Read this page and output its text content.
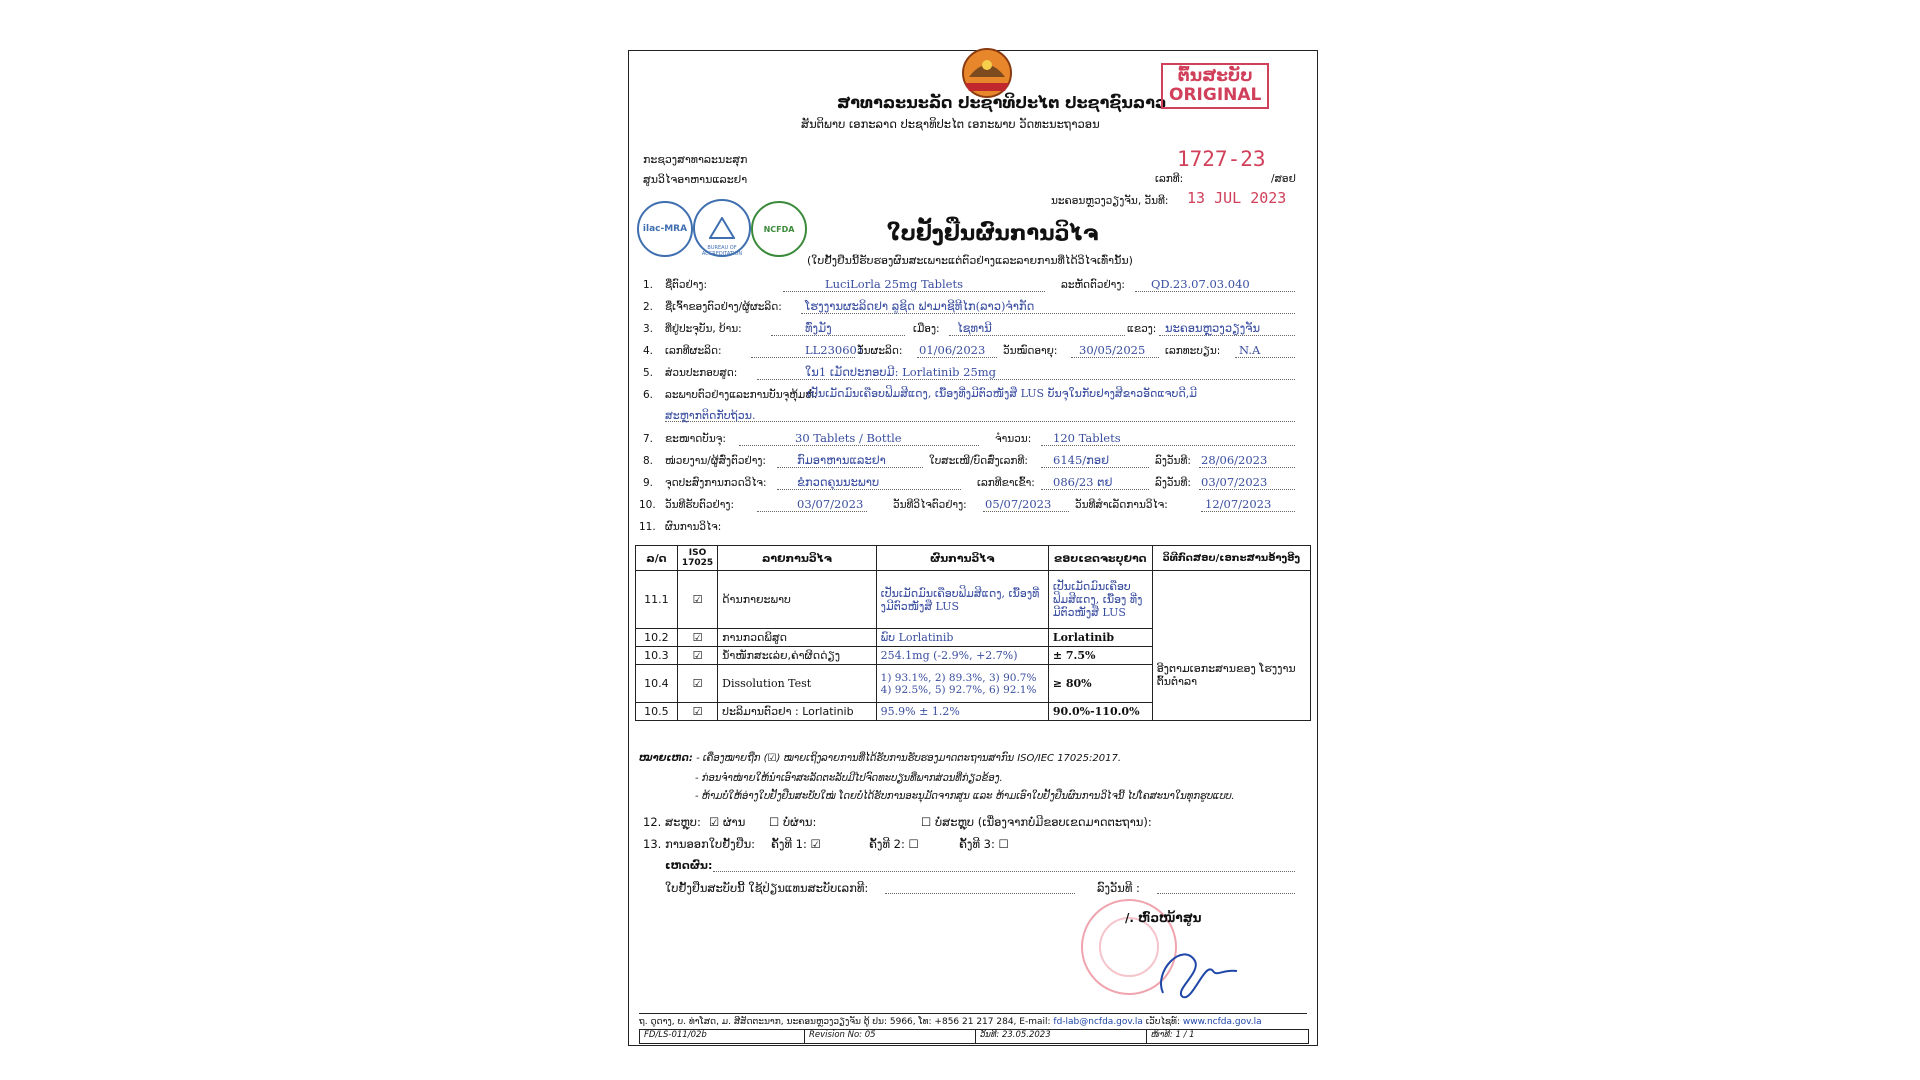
ສາທາລະນະລັດ ປະຊາທິປະໄຕ ປະຊາຊົນລາວ
ສັນຕິພາບ ເອກະລາດ ປະຊາທິປະໄຕ ເອກະພາບ ວັດທະນະຖາວອນ
ຕົ້ນສະບັບ
ORIGINAL
ກະຊວງສາທາລະນະສຸກ
ສູນວິໄຈອາຫານແລະຢາ	ເລກທີ:
1727-23
/ສອຢ
ນະຄອນຫຼວງວຽງຈັນ, ວັນທີ: 13 JUL 2023
ilac-MRA
BUREAU OF ACCREDITATION
NCFDA	ໃບຢັ້ງຢືນຜົນການວິໄຈ
(ໃບຢັ້ງຢືນນີ້ຮັບຮອງຜົນສະເພາະແຕ່ຕົວຢ່າງແລະລາຍການທີ່ໄດ້ວິໄຈເທົ່ານັ້ນ)
1. ຊື່ຕົວຢ່າງ:	LuciLorla 25mg Tablets	ລະຫັດຕົວຢ່າງ: QD.23.07.03.040
2. ຊື່ເຈົ້າຂອງຕົວຢ່າງ/ຜູ້ຜະລິດ: ໂຮງງານຜະລິດຢາ ລູຊິດ ຟາມາຊີທີໄກ(ລາວ)ຈຳກັດ
3. ທີ່ຢູ່ປະຈຸບັນ, ບ້ານ:	ທົ່ງມັງ	ເມືອງ: ໄຊທານີ	ແຂວງ: ນະຄອນຫຼວງວຽງຈັນ
4. ເລກທີຜະລິດ:	LL230601
ວັນຜະລິດ: 01/06/2023 ວັນໝົດອາຍຸ: 30/05/2025 ເລກທະບຽນ: N.A
5. ສ່ວນປະກອບສູດ:	ໃນ1 ເມັດປະກອບມີ: Lorlatinib 25mg
6. ລະພາບຕົວຢ່າງແລະການບັນຈຸຫຸ້ມຫໍ່:
ເປັນເມັດມົນເຄືອບຟິມສີແດງ, ເນື້ອງທີ່ງມີຕົວໜັງສື LUS ບັນຈຸໃນກັບຢາງສີຂາວອັດແຈບດີ,ມີ
ສະຫຼາກຕິດກັບຖ້ວນ.
7. ຂະໜາດບັນຈຸ:	30 Tablets / Bottle	ຈຳນວນ: 120 Tablets
8. ໜ່ວຍງານ/ຜູ້ສົ່ງຕົວຢ່າງ:	ກົມອາຫານແລະຢາ	ໃບສະເໜີ/ບົດສົ່ງເລກທີ: 6145/ກອຢ	ລົງວັນທີ: 28/06/2023
9. ຈຸດປະສົງການກວດວິໄຈ:	ຂໍກວດຄຸນນະພາບ	ເລກທີຂາເຂົ້າ: 086/23 ຕຢ	ລົງວັນທີ: 03/07/2023
10. ວັນທີຮັບຕົວຢ່າງ:	03/07/2023	ວັນທີວິໄຈຕົວຢ່າງ: 05/07/2023 ວັນທີສຳເລັດການວິໄຈ:	12/07/2023
11. ຜົນການວິໄຈ:
ລ/ດ	ISO 17025	ລາຍການວິໄຈ	ຜົນການວິໄຈ	ຂອບເຂດຈະບຸຍາດ	ວິທີກົດສອບ/ເອກະສານອ້າງອີງ
11.1	☑	ດ້ານກາຍະພາບ	ເປັນເມັດມົນເຄືອບຟິມສີແດງ, ເນື້ອງທີ່ງມີຕົວໜັງສື LUS	ເປັນເມັດມົນເຄືອບ ຟິມສີແດງ, ເນື້ອງ ທີ່ງມີຕົວໜັງສື LUS	ອີງຕາມເອກະສານຂອງ ໂຮງງານຕົ້ນຕຳລາ
10.2	☑	ການກວດພິສູດ	ພົບ Lorlatinib	Lorlatinib	
10.3	☑	ນ້ຳໜັກສະເລ່ຍ,ຄ່າຜິດດ່ຽງ	254.1mg (-2.9%, +2.7%)	± 7.5%	
10.4	☑	Dissolution Test	1) 93.1%, 2) 89.3%, 3) 90.7% 4) 92.5%, 5) 92.7%, 6) 92.1%	≥ 80%	
10.5	☑	ປະລິມານຕົວຢາ : Lorlatinib	95.9% ± 1.2%	90.0%-110.0%	
ໝາຍເຫດ: - ເຄື່ອງໝາຍຖືກ (☑) ໝາຍເຖິງລາຍການທີ່ໄດ້ຮັບການຮັບຮອງມາດຕະຖານສາກົນ ISO/IEC 17025:2017.
- ກ່ອນຈຳໜ່າຍໃຫ້ນຳເອົາສະລັດຕະລັບມີໄປຈົດທະບຽນທີ່ພາກສ່ວນທີ່ກ່ຽວຂ້ອງ.
- ຫ້າມບໍ່ໃຫ້ອ່າງໃບຢັ້ງຢືນສະບັບໃໝ່ ໂດຍບໍ່ໄດ້ຮັບການອະນຸມັດຈາກສູນ ແລະ ຫ້າມເອົາໃບຢັ້ງຢືນຜົນການວິໄຈນີ້ ໄປໂຄສະນາໃນທຸກຮູບແບບ.
12. ສະຫຼຸບ: ☑ ຜ່ານ ☐ ບໍ່ຜ່ານ:	☐ ບໍ່ສະຫຼຸບ (ເນື່ອງຈາກບໍ່ມີຂອບເຂດມາດຕະຖານ):
13. ການອອກໃບຢັ້ງຢືນ: ຄັ້ງທີ 1: ☑	ຄັ້ງທີ 2: ☐	ຄັ້ງທີ 3: ☐
ເຫດຜົນ:
ໃບຢັ້ງຢືນສະບັບນີ້ ໃຊ້ປ່ຽນແທນສະບັບເລກທີ:	ລົງວັນທີ :
/. ຫົວໜ້າສູນ
ຖ. ດູດາງ, ບ. ທ່າໂສດ, ມ. ສີສັດຕະນາກ, ນະຄອນຫຼວງວຽງຈັນ ຕູ້ ປນ: 5966, ໂທ: +856 21 217 284, E-mail: fd-lab@ncfda.gov.la ເວັບໄຊທ໌: www.ncfda.gov.la
FD/LS-011/02b	Revision No: 05	ວັນທີ: 23.05.2023	ໜ້າທີ: 1 / 1
